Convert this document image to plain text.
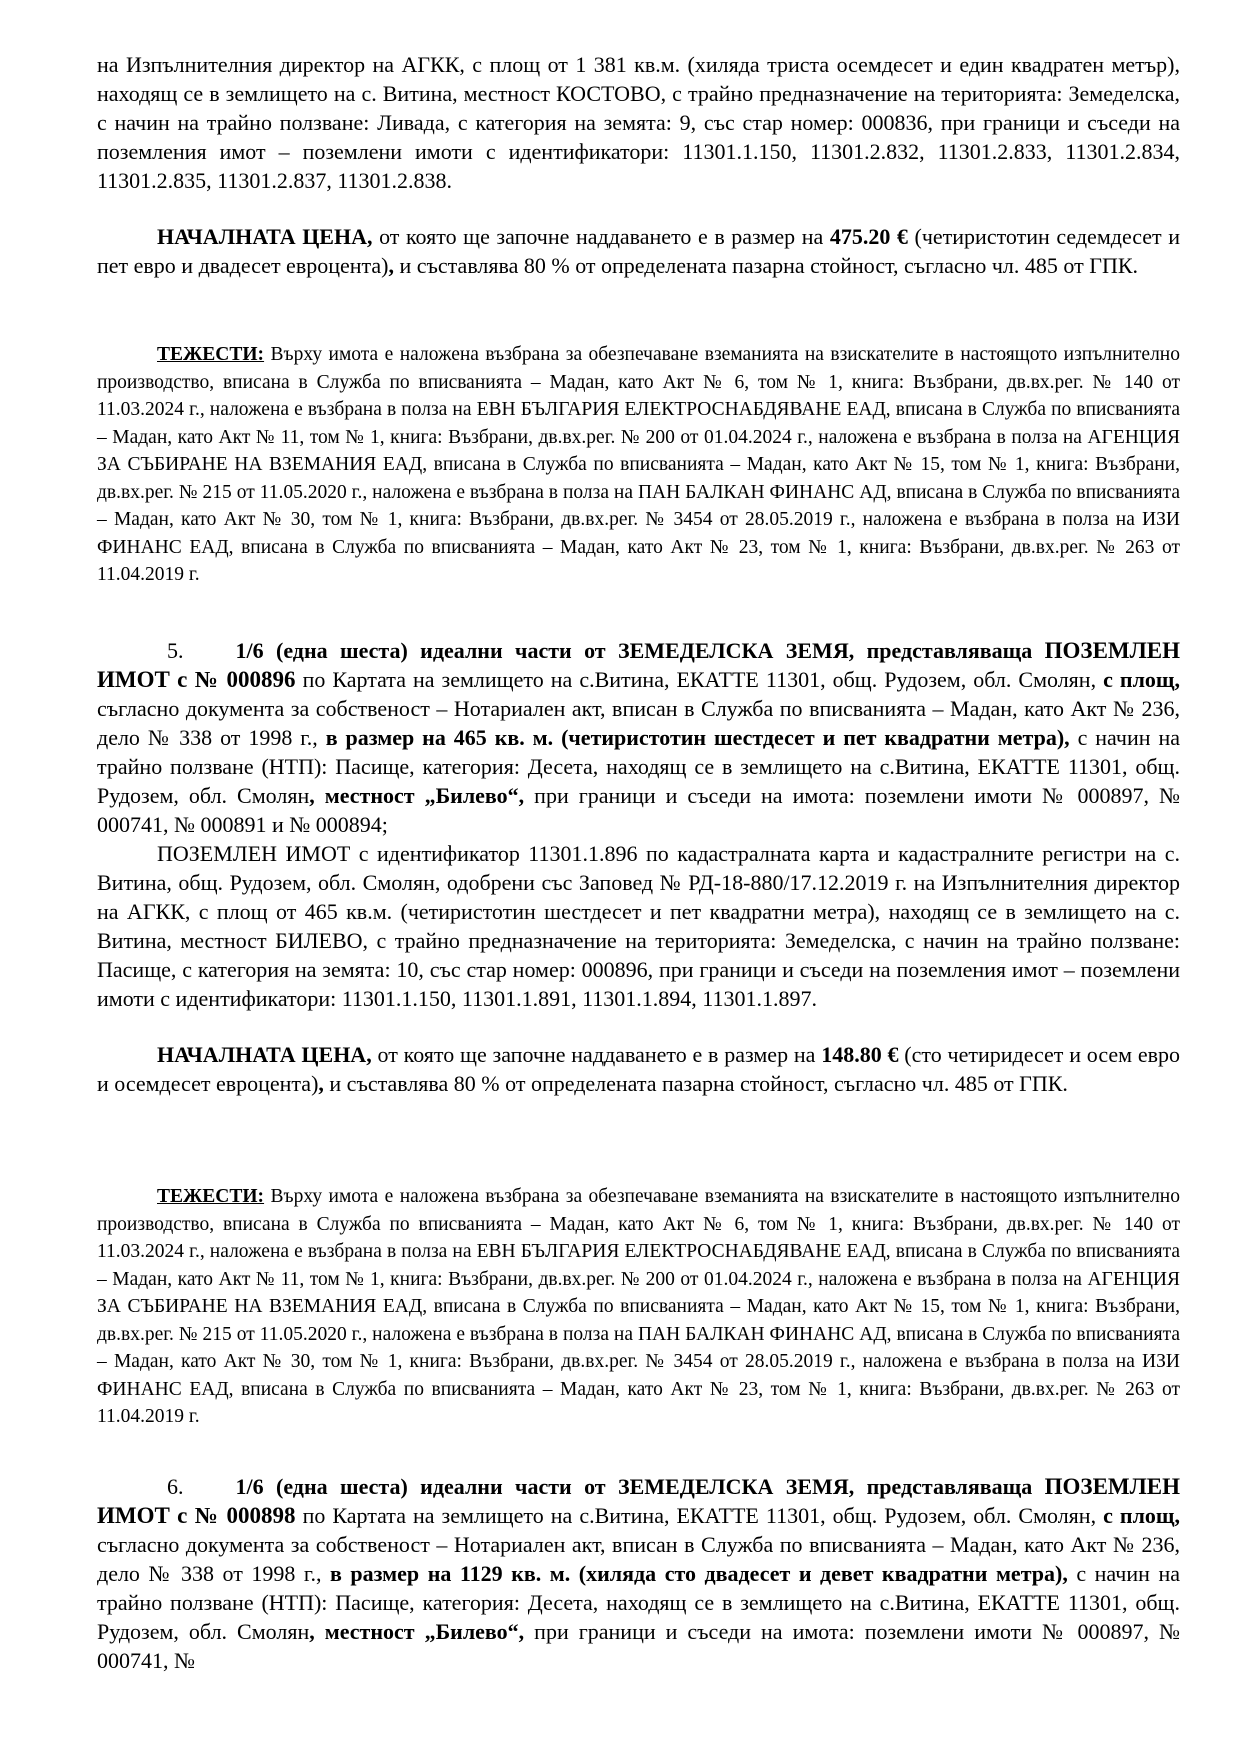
на Изпълнителния директор на АГКК, с площ от 1 381 кв.м. (хиляда триста осемдесет и един квадратен метър), находящ се в землището на с. Витина, местност КОСТОВО, с трайно предназначение на територията: Земеделска, с начин на трайно ползване: Ливада, с категория на земята: 9, със стар номер: 000836, при граници и съседи на поземления имот – поземлени имоти с идентификатори: 11301.1.150, 11301.2.832, 11301.2.833, 11301.2.834, 11301.2.835, 11301.2.837, 11301.2.838.

НАЧАЛНАТА ЦЕНА, от която ще започне наддаването е в размер на 475.20 € (четиристотин седемдесет и пет евро и двадесет евроцента), и съставлява 80 % от определената пазарна стойност, съгласно чл. 485 от ГПК.

ТЕЖЕСТИ: Върху имота е наложена възбрана за обезпечаване вземанията на взискателите в настоящото изпълнително производство, вписана в Служба по вписванията – Мадан, като Акт № 6, том № 1, книга: Възбрани, дв.вх.рег. № 140 от 11.03.2024 г., наложена е възбрана в полза на ЕВН БЪЛГАРИЯ ЕЛЕКТРОСНАБДЯВАНЕ ЕАД, вписана в Служба по вписванията – Мадан, като Акт № 11, том № 1, книга: Възбрани, дв.вх.рег. № 200 от 01.04.2024 г., наложена е възбрана в полза на АГЕНЦИЯ ЗА СЪБИРАНЕ НА ВЗЕМАНИЯ ЕАД, вписана в Служба по вписванията – Мадан, като Акт № 15, том № 1, книга: Възбрани, дв.вх.рег. № 215 от 11.05.2020 г., наложена е възбрана в полза на ПАН БАЛКАН ФИНАНС АД, вписана в Служба по вписванията – Мадан, като Акт № 30, том № 1, книга: Възбрани, дв.вх.рег. № 3454 от 28.05.2019 г., наложена е възбрана в полза на ИЗИ ФИНАНС ЕАД, вписана в Служба по вписванията – Мадан, като Акт № 23, том № 1, книга: Възбрани, дв.вх.рег. № 263 от 11.04.2019 г.

5. 1/6 (една шеста) идеални части от ЗЕМЕДЕЛСКА ЗЕМЯ, представляваща ПОЗЕМЛЕН ИМОТ с № 000896 по Картата на землището на с.Витина, ЕКАТТЕ 11301, общ. Рудозем, обл. Смолян, с площ, съгласно документа за собственост – Нотариален акт, вписан в Служба по вписванията – Мадан, като Акт № 236, дело № 338 от 1998 г., в размер на 465 кв. м. (четиристотин шестдесет и пет квадратни метра), с начин на трайно ползване (НТП): Пасище, категория: Десета, находящ се в землището на с.Витина, ЕКАТТЕ 11301, общ. Рудозем, обл. Смолян, местност „Билево“, при граници и съседи на имота: поземлени имоти № 000897, № 000741, № 000891 и № 000894;

ПОЗЕМЛЕН ИМОТ с идентификатор 11301.1.896 по кадастралната карта и кадастралните регистри на с. Витина, общ. Рудозем, обл. Смолян, одобрени със Заповед № РД-18-880/17.12.2019 г. на Изпълнителния директор на АГКК, с площ от 465 кв.м. (четиристотин шестдесет и пет квадратни метра), находящ се в землището на с. Витина, местност БИЛЕВО, с трайно предназначение на територията: Земеделска, с начин на трайно ползване: Пасище, с категория на земята: 10, със стар номер: 000896, при граници и съседи на поземления имот – поземлени имоти с идентификатори: 11301.1.150, 11301.1.891, 11301.1.894, 11301.1.897.

НАЧАЛНАТА ЦЕНА, от която ще започне наддаването е в размер на 148.80 € (сто четиридесет и осем евро и осемдесет евроцента), и съставлява 80 % от определената пазарна стойност, съгласно чл. 485 от ГПК.

ТЕЖЕСТИ: Върху имота е наложена възбрана за обезпечаване вземанията на взискателите в настоящото изпълнително производство, вписана в Служба по вписванията – Мадан, като Акт № 6, том № 1, книга: Възбрани, дв.вх.рег. № 140 от 11.03.2024 г., наложена е възбрана в полза на ЕВН БЪЛГАРИЯ ЕЛЕКТРОСНАБДЯВАНЕ ЕАД, вписана в Служба по вписванията – Мадан, като Акт № 11, том № 1, книга: Възбрани, дв.вх.рег. № 200 от 01.04.2024 г., наложена е възбрана в полза на АГЕНЦИЯ ЗА СЪБИРАНЕ НА ВЗЕМАНИЯ ЕАД, вписана в Служба по вписванията – Мадан, като Акт № 15, том № 1, книга: Възбрани, дв.вх.рег. № 215 от 11.05.2020 г., наложена е възбрана в полза на ПАН БАЛКАН ФИНАНС АД, вписана в Служба по вписванията – Мадан, като Акт № 30, том № 1, книга: Възбрани, дв.вх.рег. № 3454 от 28.05.2019 г., наложена е възбрана в полза на ИЗИ ФИНАНС ЕАД, вписана в Служба по вписванията – Мадан, като Акт № 23, том № 1, книга: Възбрани, дв.вх.рег. № 263 от 11.04.2019 г.

6. 1/6 (една шеста) идеални части от ЗЕМЕДЕЛСКА ЗЕМЯ, представляваща ПОЗЕМЛЕН ИМОТ с № 000898 по Картата на землището на с.Витина, ЕКАТТЕ 11301, общ. Рудозем, обл. Смолян, с площ, съгласно документа за собственост – Нотариален акт, вписан в Служба по вписванията – Мадан, като Акт № 236, дело № 338 от 1998 г., в размер на 1129 кв. м. (хиляда сто двадесет и девет квадратни метра), с начин на трайно ползване (НТП): Пасище, категория: Десета, находящ се в землището на с.Витина, ЕКАТТЕ 11301, общ. Рудозем, обл. Смолян, местност „Билево“, при граници и съседи на имота: поземлени имоти № 000897, № 000741, №
